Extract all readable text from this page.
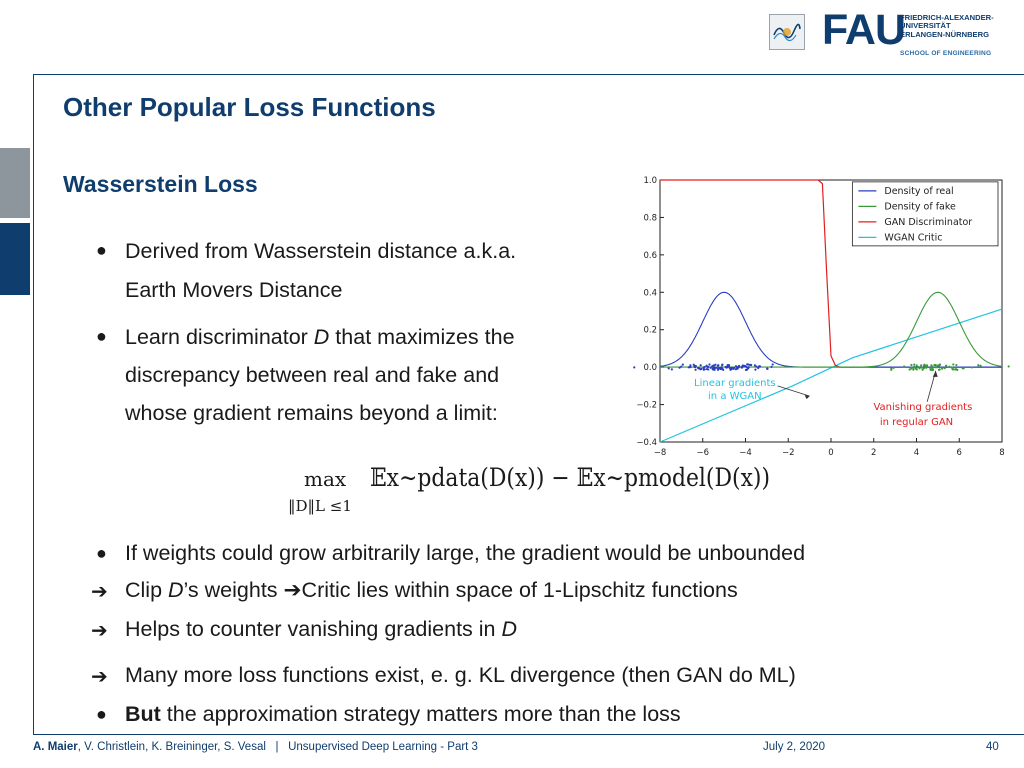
FAU
FRIEDRICH-ALEXANDER-
UNIVERSITÄT
ERLANGEN-NÜRNBERG
SCHOOL OF ENGINEERING
Other Popular Loss Functions
Wasserstein Loss
● Derived from Wasserstein distance a.k.a.
Earth Movers Distance
● Learn discriminator D that maximizes the
discrepancy between real and fake and
whose gradient remains beyond a limit:
−8	−6	−4	−2	0	2	4	6	8
1.0
0.8
0.6
0.4
0.2
0.0
−0.2
−0.4
Density of real
Density of fake
GAN Discriminator
WGAN Critic
Linear gradients
in a WGAN
Vanishing gradients
in regular GAN
max
‖D‖L ≤1
𝔼x∼pdata(D(x)) − 𝔼x∼pmodel(D(x))
● If weights could grow arbitrarily large, the gradient would be unbounded
➔ Clip D’s weights ➔Critic lies within space of 1-Lipschitz functions
➔ Helps to counter vanishing gradients in D
➔ Many more loss functions exist, e. g. KL divergence (then GAN do ML)
● But the approximation strategy matters more than the loss
A. Maier, V. Christlein, K. Breininger, S. Vesal | Unsupervised Deep Learning - Part 3	July 2, 2020	40
